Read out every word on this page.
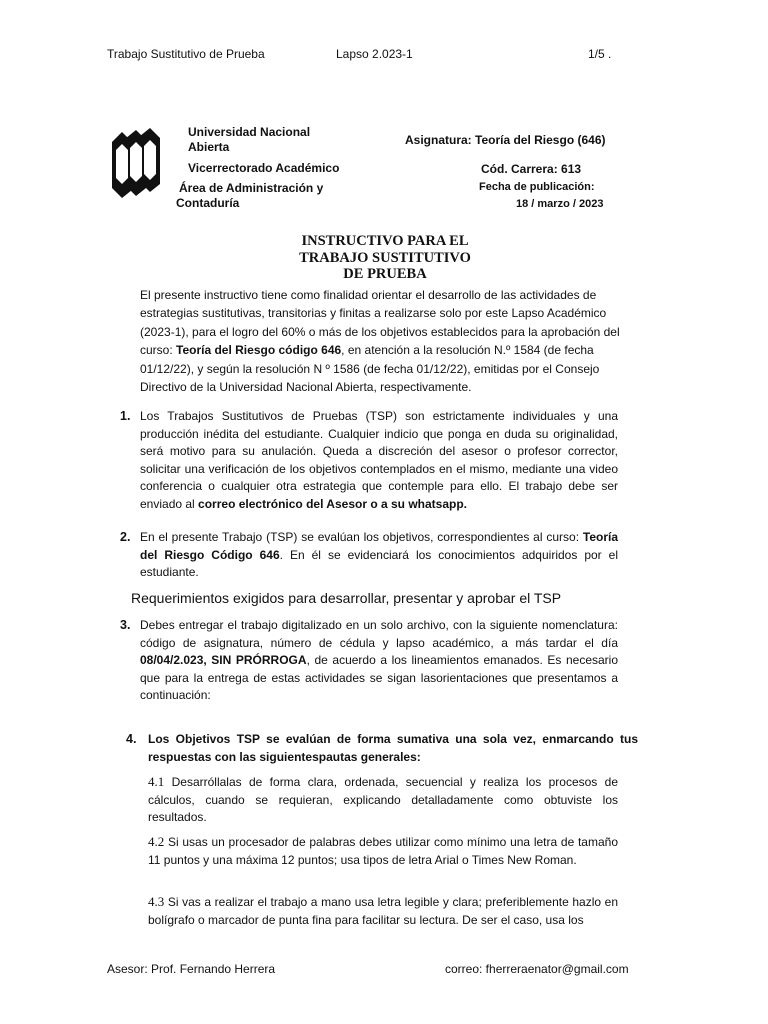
Trabajo Sustitutivo de Prueba	Lapso 2.023-1	1/5 .
Universidad Nacional
Abierta
Vicerrectorado Académico
Área de Administración y
Contaduría
Asignatura: Teoría del Riesgo (646)
Cód. Carrera: 613
Fecha de publicación:
18 / marzo / 2023
INSTRUCTIVO PARA EL
TRABAJO SUSTITUTIVO
DE PRUEBA
El presente instructivo tiene como finalidad orientar el desarrollo de las actividades de estrategias sustitutivas, transitorias y finitas a realizarse solo por este Lapso Académico (2023-1), para el logro del 60% o más de los objetivos establecidos para la aprobación del curso: Teoría del Riesgo código 646, en atención a la resolución N.º 1584 (de fecha 01/12/22), y según la resolución N º 1586 (de fecha 01/12/22), emitidas por el Consejo Directivo de la Universidad Nacional Abierta, respectivamente.
1. Los Trabajos Sustitutivos de Pruebas (TSP) son estrictamente individuales y una producción inédita del estudiante. Cualquier indicio que ponga en duda su originalidad, será motivo para su anulación. Queda a discreción del asesor o profesor corrector, solicitar una verificación de los objetivos contemplados en el mismo, mediante una video conferencia o cualquier otra estrategia que contemple para ello. El trabajo debe ser enviado al correo electrónico del Asesor o a su whatsapp.
2. En el presente Trabajo (TSP) se evalúan los objetivos, correspondientes al curso: Teoría del Riesgo Código 646. En él se evidenciará los conocimientos adquiridos por el estudiante.
Requerimientos exigidos para desarrollar, presentar y aprobar el TSP
3. Debes entregar el trabajo digitalizado en un solo archivo, con la siguiente nomenclatura: código de asignatura, número de cédula y lapso académico, a más tardar el día 08/04/2.023, SIN PRÓRROGA, de acuerdo a los lineamientos emanados. Es necesario que para la entrega de estas actividades se sigan lasorientaciones que presentamos a continuación:
4. Los Objetivos TSP se evalúan de forma sumativa una sola vez, enmarcando tus respuestas con las siguientespautas generales:
4.1 Desarróllalas de forma clara, ordenada, secuencial y realiza los procesos de cálculos, cuando se requieran, explicando detalladamente como obtuviste los resultados.
4.2 Si usas un procesador de palabras debes utilizar como mínimo una letra de tamaño 11 puntos y una máxima 12 puntos; usa tipos de letra Arial o Times New Roman.
4.3 Si vas a realizar el trabajo a mano usa letra legible y clara; preferiblemente hazlo en bolígrafo o marcador de punta fina para facilitar su lectura. De ser el caso, usa los
Asesor: Prof. Fernando Herrera	correo: fherreraenator@gmail.com
